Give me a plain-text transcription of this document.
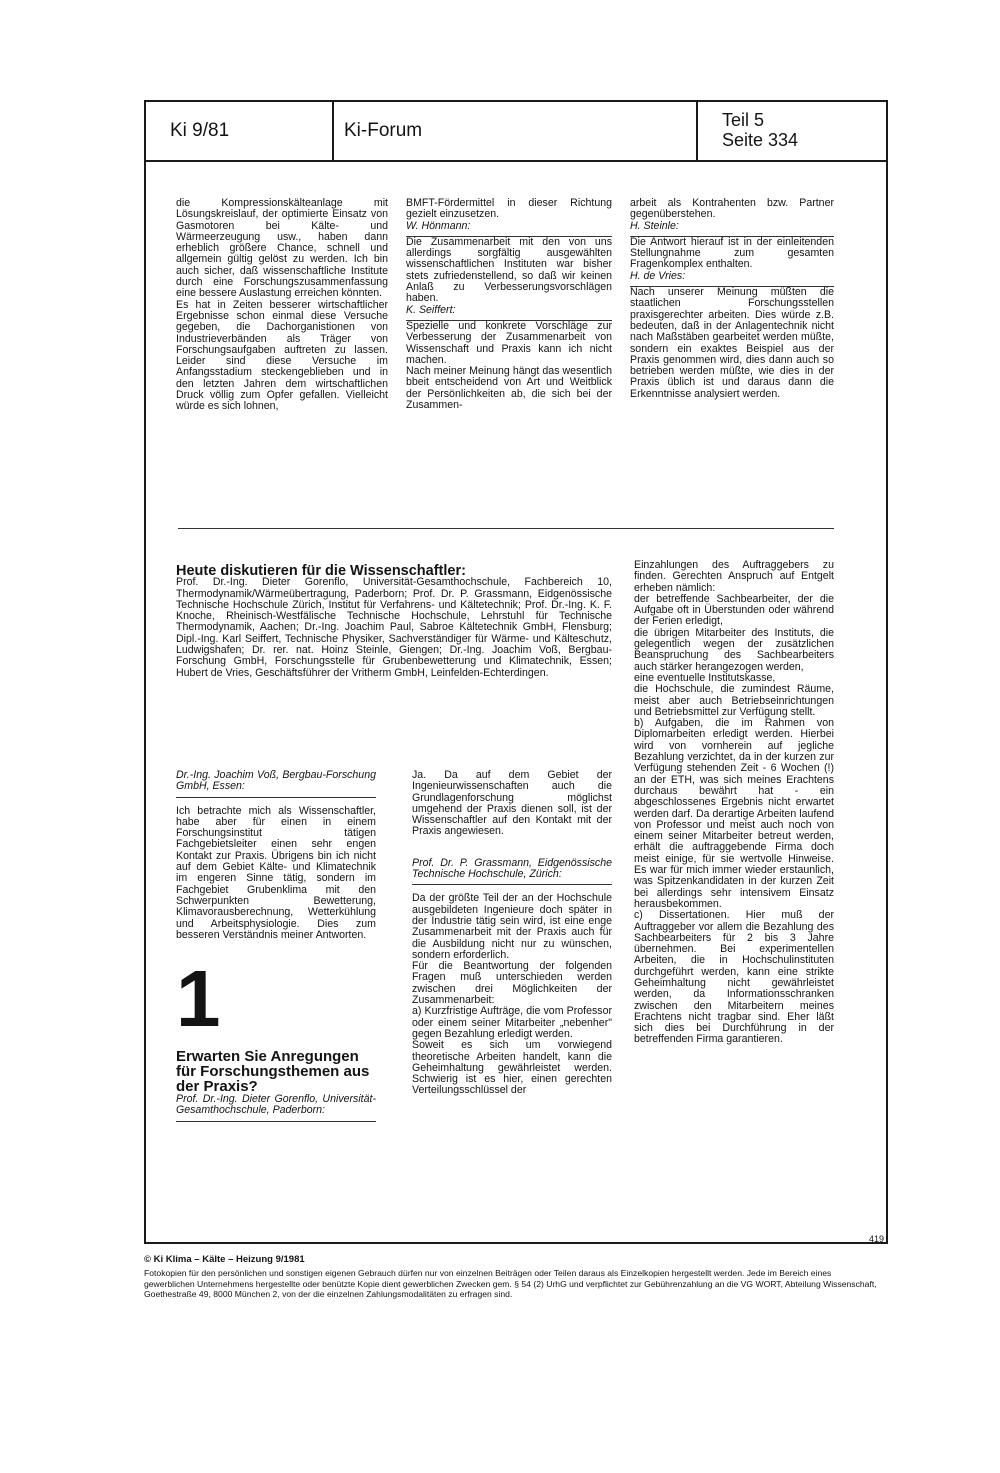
Ki 9/81	Ki-Forum	Teil 5
Seite 334

die Kompressionskälteanlage mit Lösungskreislauf, der optimierte Einsatz von Gasmotoren bei Kälte- und Wärmeerzeugung usw., haben dann erheblich größere Chance, schnell und allgemein gültig gelöst zu werden. Ich bin auch sicher, daß wissenschaftliche Institute durch eine Forschungszusammenfassung eine bessere Auslastung erreichen könnten.

Es hat in Zeiten besserer wirtschaftlicher Ergebnisse schon einmal diese Versuche gegeben, die Dachorganistionen von Industrieverbänden als Träger von Forschungsaufgaben auftreten zu lassen. Leider sind diese Versuche im Anfangsstadium steckengeblieben und in den letzten Jahren dem wirtschaftlichen Druck völlig zum Opfer gefallen. Vielleicht würde es sich lohnen,

BMFT-Fördermittel in dieser Richtung gezielt einzusetzen.

W. Hönmann:

Die Zusammenarbeit mit den von uns allerdings sorgfältig ausgewählten wissenschaftlichen Instituten war bisher stets zufriedenstellend, so daß wir keinen Anlaß zu Verbesserungsvorschlägen haben.

K. Seiffert:

Spezielle und konkrete Vorschläge zur Verbesserung der Zusammenarbeit von Wissenschaft und Praxis kann ich nicht machen.

Nach meiner Meinung hängt das wesentlich bbeit entscheidend von Art und Weitblick der Persönlichkeiten ab, die sich bei der Zusammen-

arbeit als Kontrahenten bzw. Partner gegenüberstehen.

H. Steinle:

Die Antwort hierauf ist in der einleitenden Stellungnahme zum gesamten Fragenkomplex enthalten.

H. de Vries:

Nach unserer Meinung müßten die staatlichen Forschungsstellen praxisgerechter arbeiten. Dies würde z.B. bedeuten, daß in der Anlagentechnik nicht nach Maßstäben gearbeitet werden müßte, sondern ein exaktes Beispiel aus der Praxis genommen wird, dies dann auch so betrieben werden müßte, wie dies in der Praxis üblich ist und daraus dann die Erkenntnisse analysiert werden.

Heute diskutieren für die Wissenschaftler:

Prof. Dr.-Ing. Dieter Gorenflo, Universität-Gesamthochschule, Fachbereich 10, Thermodynamik/Wärmeübertragung, Paderborn; Prof. Dr. P. Grassmann, Eidgenössische Technische Hochschule Zürich, Institut für Verfahrens- und Kältetechnik; Prof. Dr.-Ing. K. F. Knoche, Rheinisch-Westfälische Technische Hochschule, Lehrstuhl für Technische Thermodynamik, Aachen; Dr.-Ing. Joachim Paul, Sabroe Kältetechnik GmbH, Flensburg; Dipl.-Ing. Karl Seiffert, Technische Physiker, Sachverständiger für Wärme- und Kälteschutz, Ludwigshafen; Dr. rer. nat. Hoinz Steinle, Giengen; Dr.-Ing. Joachim Voß, Bergbau-Forschung GmbH, Forschungsstelle für Grubenbewetterung und Klimatechnik, Essen; Hubert de Vries, Geschäftsführer der Vritherm GmbH, Leinfelden-Echterdingen.

Dr.-Ing. Joachim Voß, Bergbau-Forschung GmbH, Essen:

Ich betrachte mich als Wissenschaftler, habe aber für einen in einem Forschungsinstitut tätigen Fachgebietsleiter einen sehr engen Kontakt zur Praxis. Übrigens bin ich nicht auf dem Gebiet Kälte- und Klimatechnik im engeren Sinne tätig, sondern im Fachgebiet Grubenklima mit den Schwerpunkten Bewetterung, Klimavorausberechnung, Wetterkühlung und Arbeitsphysiologie. Dies zum besseren Verständnis meiner Antworten.

1

Erwarten Sie Anregungen für Forschungsthemen aus der Praxis?

Prof. Dr.-Ing. Dieter Gorenflo, Universität-Gesamthochschule, Paderborn:

Ja. Da auf dem Gebiet der Ingenieurwissenschaften auch die Grundlagenforschung möglichst umgehend der Praxis dienen soll, ist der Wissenschaftler auf den Kontakt mit der Praxis angewiesen.

Prof. Dr. P. Grassmann, Eidgenössische Technische Hochschule, Zürich:

Da der größte Teil der an der Hochschule ausgebildeten Ingenieure doch später in der Industrie tätig sein wird, ist eine enge Zusammenarbeit mit der Praxis auch für die Ausbildung nicht nur zu wünschen, sondern erforderlich.

Für die Beantwortung der folgenden Fragen muß unterschieden werden zwischen drei Möglichkeiten der Zusammenarbeit:

a) Kurzfristige Aufträge, die vom Professor oder einem seiner Mitarbeiter „nebenher" gegen Bezahlung erledigt werden.

Soweit es sich um vorwiegend theoretische Arbeiten handelt, kann die Geheimhaltung gewährleistet werden. Schwierig ist es hier, einen gerechten Verteilungsschlüssel der

Einzahlungen des Auftraggebers zu finden. Gerechten Anspruch auf Entgelt erheben nämlich:

der betreffende Sachbearbeiter, der die Aufgabe oft in Überstunden oder während der Ferien erledigt,

die übrigen Mitarbeiter des Instituts, die gelegentlich wegen der zusätzlichen Beanspruchung des Sachbearbeiters auch stärker herangezogen werden,

eine eventuelle Institutskasse,

die Hochschule, die zumindest Räume, meist aber auch Betriebseinrichtungen und Betriebsmittel zur Verfügung stellt.

b) Aufgaben, die im Rahmen von Diplomarbeiten erledigt werden. Hierbei wird von vornherein auf jegliche Bezahlung verzichtet, da in der kurzen zur Verfügung stehenden Zeit - 6 Wochen (!) an der ETH, was sich meines Erachtens durchaus bewährt hat - ein abgeschlossenes Ergebnis nicht erwartet werden darf. Da derartige Arbeiten laufend von Professor und meist auch noch von einem seiner Mitarbeiter betreut werden, erhält die auftraggebende Firma doch meist einige, für sie wertvolle Hinweise. Es war für mich immer wieder erstaunlich, was Spitzenkandidaten in der kurzen Zeit bei allerdings sehr intensivem Einsatz herausbekommen.

c) Dissertationen. Hier muß der Auftraggeber vor allem die Bezahlung des Sachbearbeiters für 2 bis 3 Jahre übernehmen. Bei experimentellen Arbeiten, die in Hochschulinstituten durchgeführt werden, kann eine strikte Geheimhaltung nicht gewährleistet werden, da Informationsschranken zwischen den Mitarbeitern meines Erachtens nicht tragbar sind. Eher läßt sich dies bei Durchführung in der betreffenden Firma garantieren.

419
© Ki Klima – Kälte – Heizung 9/1981
Fotokopien für den persönlichen und sonstigen eigenen Gebrauch dürfen nur von einzelnen Beiträgen oder Teilen daraus als Einzelkopien hergestellt werden. Jede im Bereich eines gewerblichen Unternehmens hergestellte oder benützte Kopie dient gewerblichen Zwecken gem. § 54 (2) UrhG und verpflichtet zur Gebührenzahlung an die VG WORT, Abteilung Wissenschaft, Goethestraße 49, 8000 München 2, von der die einzelnen Zahlungsmodalitäten zu erfragen sind.
